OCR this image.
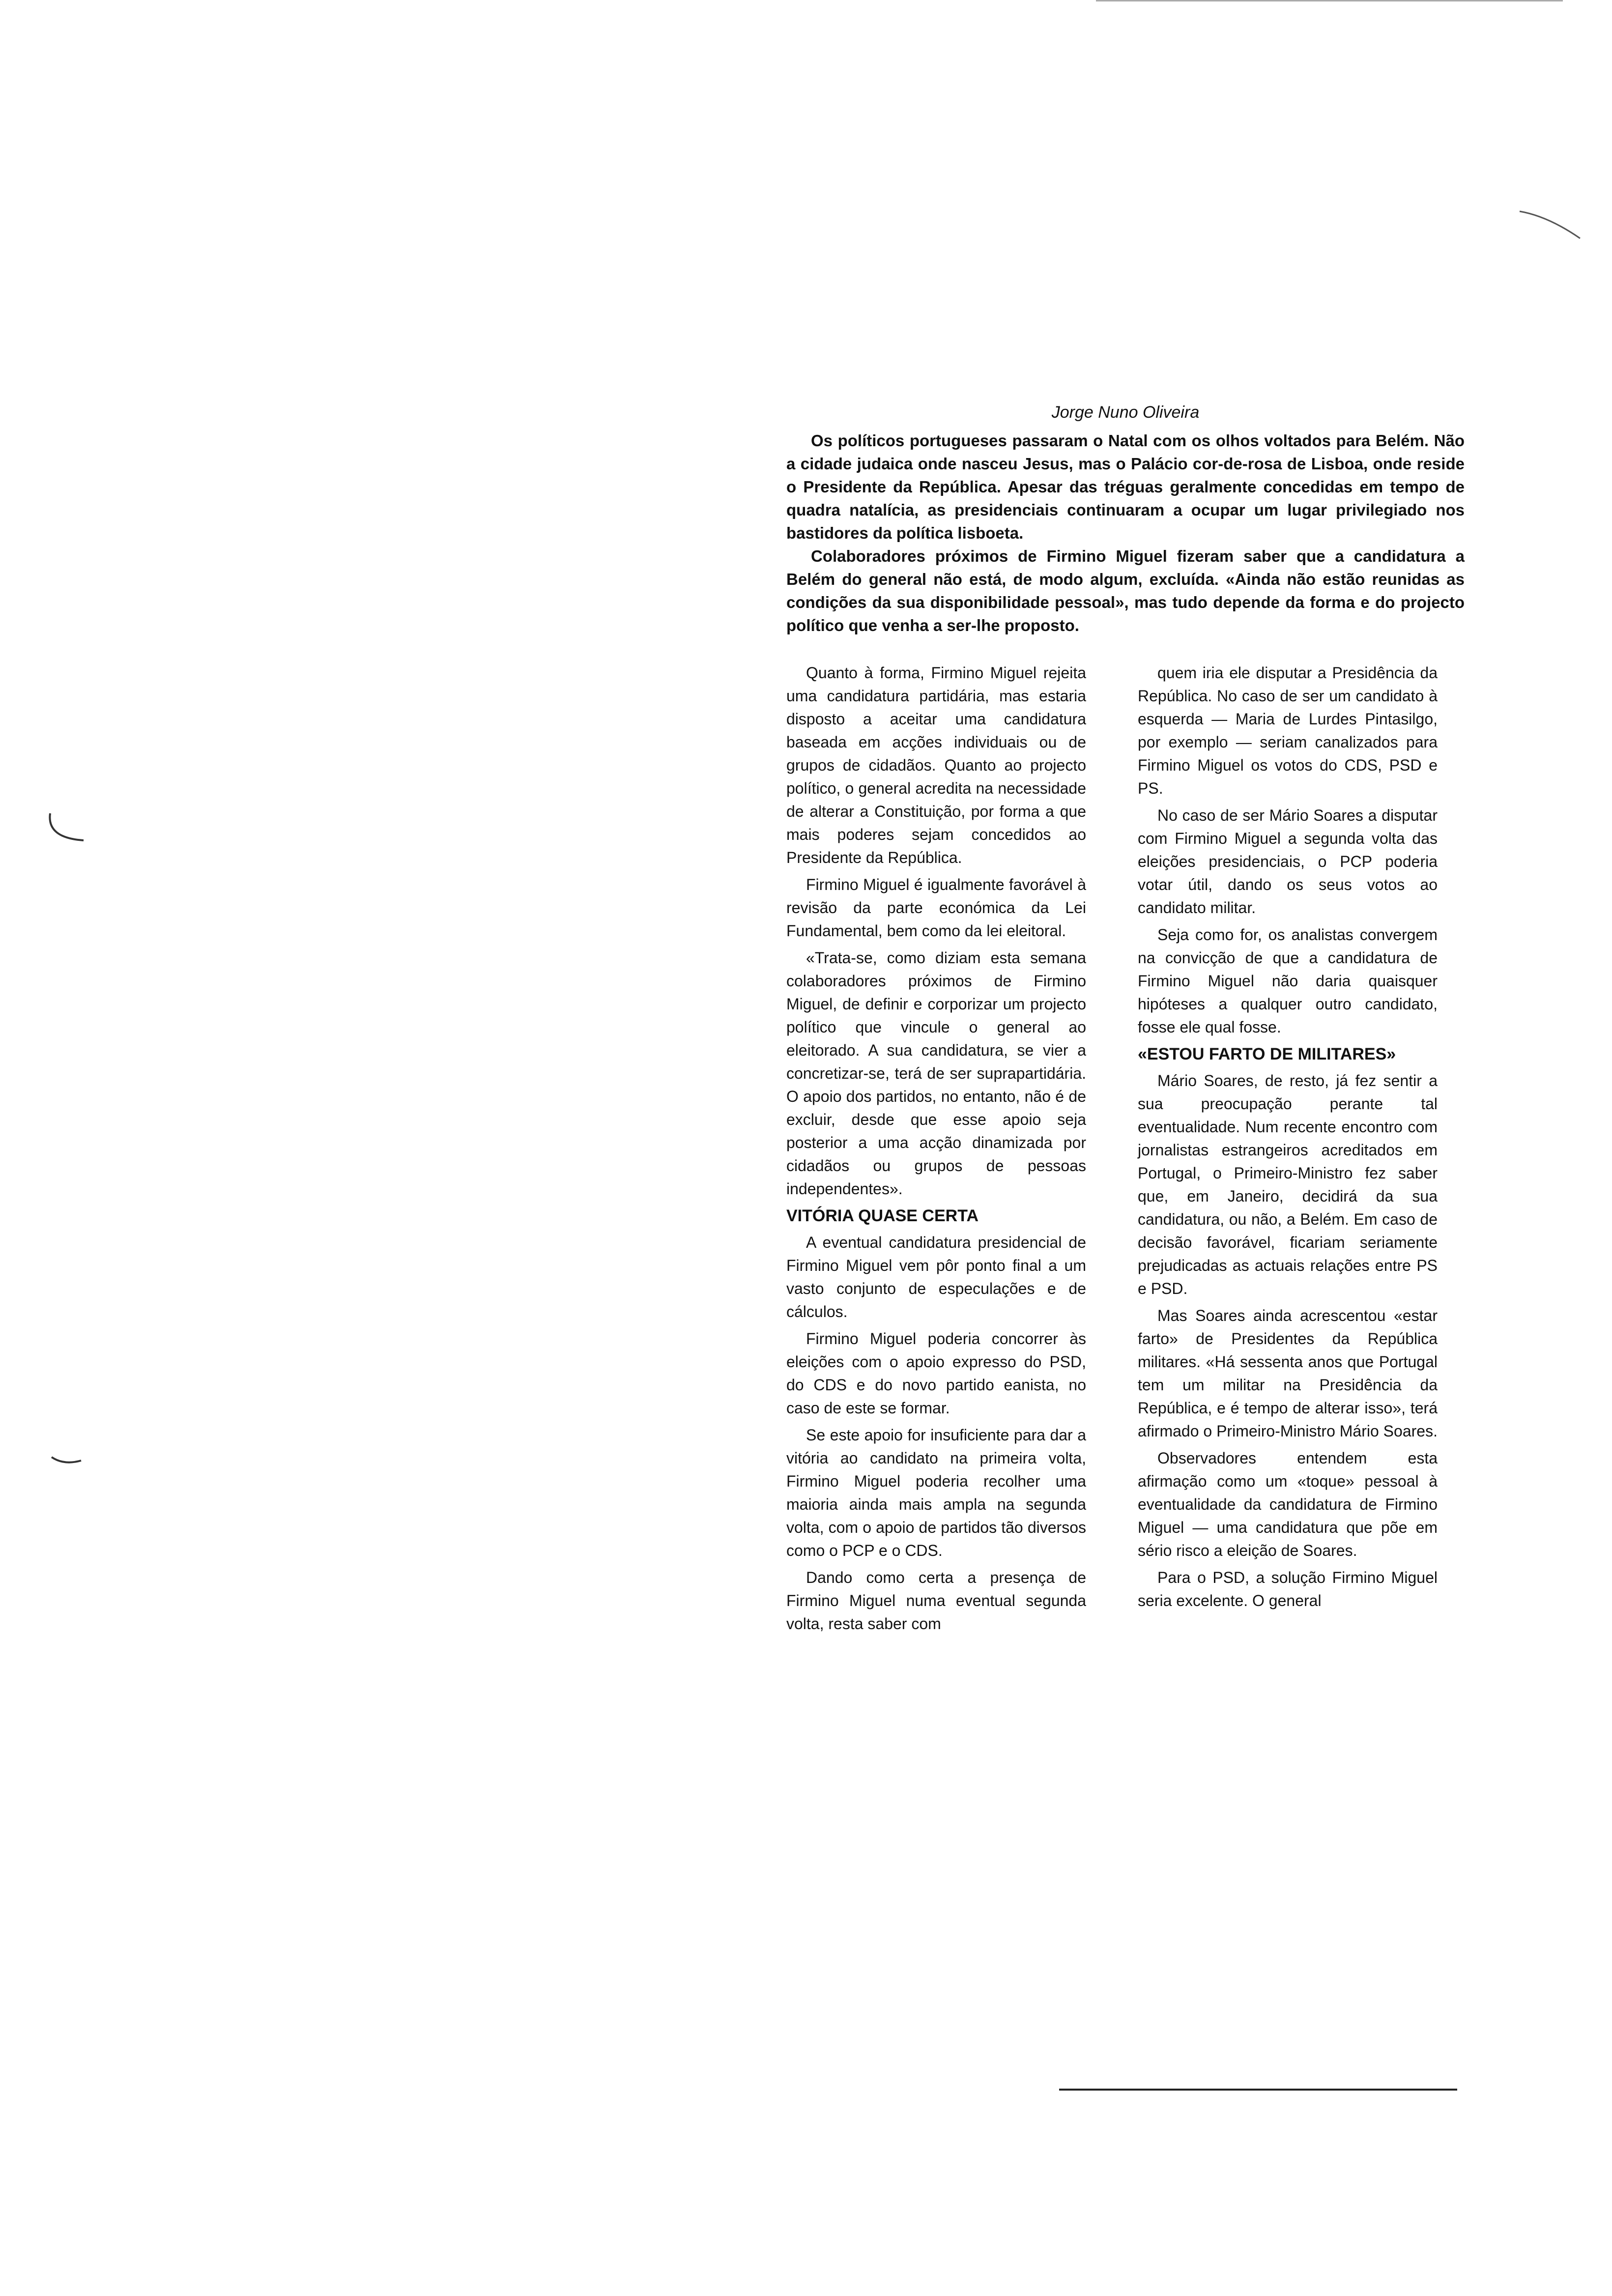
Jorge Nuno Oliveira

Os políticos portugueses passaram o Natal com os olhos voltados para Belém. Não a cidade judaica onde nasceu Jesus, mas o Palácio cor-de-rosa de Lisboa, onde reside o Presidente da República. Apesar das tréguas geralmente concedidas em tempo de quadra natalícia, as presidenciais continuaram a ocupar um lugar privilegiado nos bastidores da política lisboeta.

Colaboradores próximos de Firmino Miguel fizeram saber que a candidatura a Belém do general não está, de modo algum, excluída. «Ainda não estão reunidas as condições da sua disponibilidade pessoal», mas tudo depende da forma e do projecto político que venha a ser-lhe proposto.

Quanto à forma, Firmino Miguel rejeita uma candidatura partidária, mas estaria disposto a aceitar uma candidatura baseada em acções individuais ou de grupos de cidadãos. Quanto ao projecto político, o general acredita na necessidade de alterar a Constituição, por forma a que mais poderes sejam concedidos ao Presidente da República.

Firmino Miguel é igualmente favorável à revisão da parte económica da Lei Fundamental, bem como da lei eleitoral.

«Trata-se, como diziam esta semana colaboradores próximos de Firmino Miguel, de definir e corporizar um projecto político que vincule o general ao eleitorado. A sua candidatura, se vier a concretizar-se, terá de ser suprapartidária. O apoio dos partidos, no entanto, não é de excluir, desde que esse apoio seja posterior a uma acção dinamizada por cidadãos ou grupos de pessoas independentes».

VITÓRIA QUASE CERTA

A eventual candidatura presidencial de Firmino Miguel vem pôr ponto final a um vasto conjunto de especulações e de cálculos.

Firmino Miguel poderia concorrer às eleições com o apoio expresso do PSD, do CDS e do novo partido eanista, no caso de este se formar.

Se este apoio for insuficiente para dar a vitória ao candidato na primeira volta, Firmino Miguel poderia recolher uma maioria ainda mais ampla na segunda volta, com o apoio de partidos tão diversos como o PCP e o CDS.

Dando como certa a presença de Firmino Miguel numa eventual segunda volta, resta saber com

quem iria ele disputar a Presidência da República. No caso de ser um candidato à esquerda — Maria de Lurdes Pintasilgo, por exemplo — seriam canalizados para Firmino Miguel os votos do CDS, PSD e PS.

No caso de ser Mário Soares a disputar com Firmino Miguel a segunda volta das eleições presidenciais, o PCP poderia votar útil, dando os seus votos ao candidato militar.

Seja como for, os analistas convergem na convicção de que a candidatura de Firmino Miguel não daria quaisquer hipóteses a qualquer outro candidato, fosse ele qual fosse.

«ESTOU FARTO DE MILITARES»

Mário Soares, de resto, já fez sentir a sua preocupação perante tal eventualidade. Num recente encontro com jornalistas estrangeiros acreditados em Portugal, o Primeiro-Ministro fez saber que, em Janeiro, decidirá da sua candidatura, ou não, a Belém. Em caso de decisão favorável, ficariam seriamente prejudicadas as actuais relações entre PS e PSD.

Mas Soares ainda acrescentou «estar farto» de Presidentes da República militares. «Há sessenta anos que Portugal tem um militar na Presidência da República, e é tempo de alterar isso», terá afirmado o Primeiro-Ministro Mário Soares.

Observadores entendem esta afirmação como um «toque» pessoal à eventualidade da candidatura de Firmino Miguel — uma candidatura que põe em sério risco a eleição de Soares.

Para o PSD, a solução Firmino Miguel seria excelente. O general
